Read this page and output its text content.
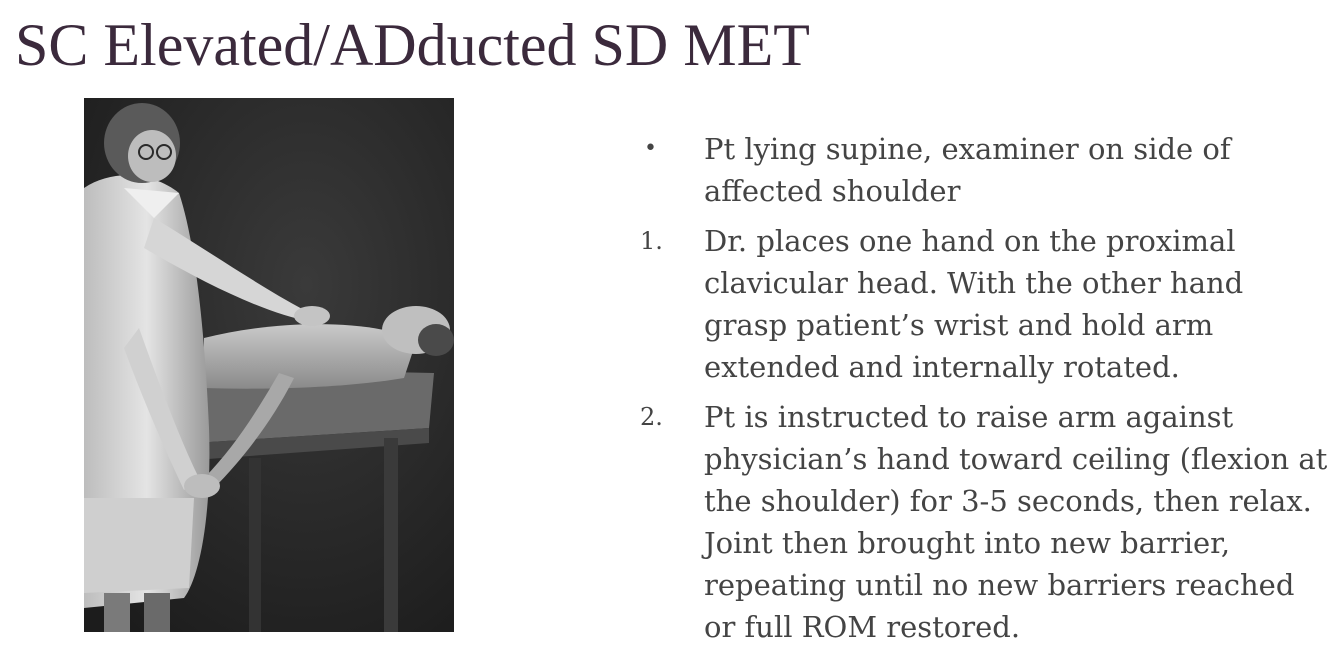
SC Elevated/ADducted SD MET
•	Pt lying supine, examiner on side of affected shoulder
1.	Dr. places one hand on the proximal clavicular head. With the other hand grasp patient’s wrist and hold arm extended and internally rotated.
2.	Pt is instructed to raise arm against physician’s hand toward ceiling (flexion at the shoulder) for 3-5 seconds, then relax. Joint then brought into new barrier, repeating until no new barriers reached or full ROM restored.
